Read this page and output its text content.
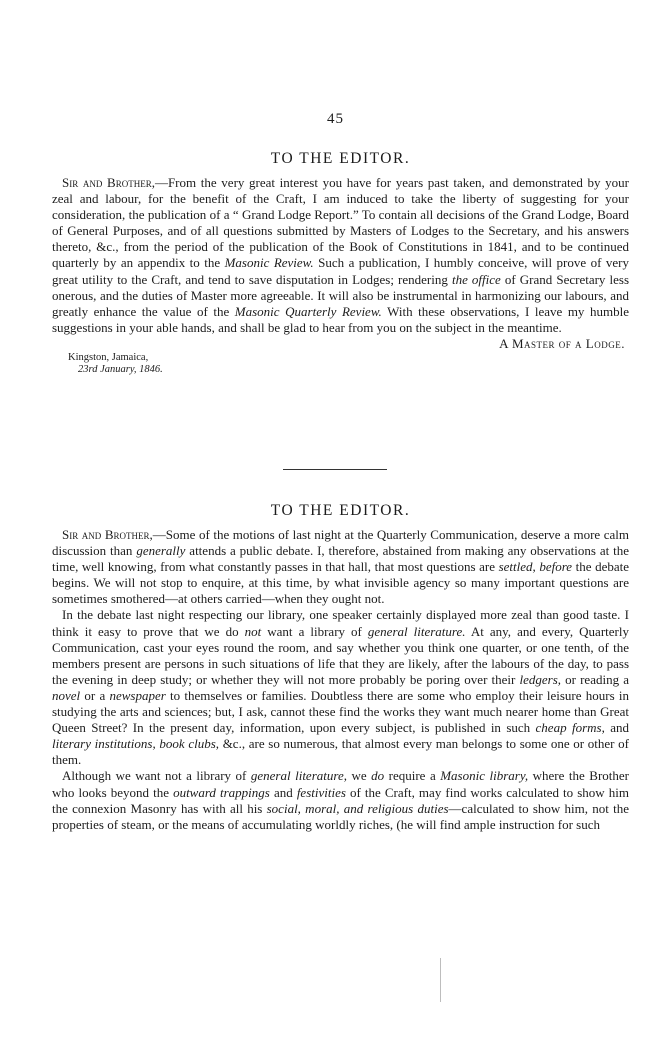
45
TO THE EDITOR.

Sir and Brother,—From the very great interest you have for years past taken, and demonstrated by your zeal and labour, for the benefit of the Craft, I am induced to take the liberty of suggesting for your consideration, the publication of a “ Grand Lodge Report.” To contain all decisions of the Grand Lodge, Board of General Purposes, and of all questions submitted by Masters of Lodges to the Secretary, and his answers thereto, &c., from the period of the publication of the Book of Constitutions in 1841, and to be continued quarterly by an appendix to the Masonic Review. Such a publication, I humbly conceive, will prove of very great utility to the Craft, and tend to save disputation in Lodges; rendering the office of Grand Secretary less onerous, and the duties of Master more agreeable. It will also be instrumental in harmonizing our labours, and greatly enhance the value of the Masonic Quarterly Review. With these observations, I leave my humble suggestions in your able hands, and shall be glad to hear from you on the subject in the meantime.

A Master of a Lodge.
Kingston, Jamaica,
23rd January, 1846.
TO THE EDITOR.

Sir and Brother,—Some of the motions of last night at the Quarterly Communication, deserve a more calm discussion than generally attends a public debate. I, therefore, abstained from making any observations at the time, well knowing, from what constantly passes in that hall, that most questions are settled, before the debate begins. We will not stop to enquire, at this time, by what invisible agency so many important questions are sometimes smothered—at others carried—when they ought not.

In the debate last night respecting our library, one speaker certainly displayed more zeal than good taste. I think it easy to prove that we do not want a library of general literature. At any, and every, Quarterly Communication, cast your eyes round the room, and say whether you think one quarter, or one tenth, of the members present are persons in such situations of life that they are likely, after the labours of the day, to pass the evening in deep study; or whether they will not more probably be poring over their ledgers, or reading a novel or a newspaper to themselves or families. Doubtless there are some who employ their leisure hours in studying the arts and sciences; but, I ask, cannot these find the works they want much nearer home than Great Queen Street? In the present day, information, upon every subject, is published in such cheap forms, and literary institutions, book clubs, &c., are so numerous, that almost every man belongs to some one or other of them.

Although we want not a library of general literature, we do require a Masonic library, where the Brother who looks beyond the outward trappings and festivities of the Craft, may find works calculated to show him the connexion Masonry has with all his social, moral, and religious duties—calculated to show him, not the properties of steam, or the means of accumulating worldly riches, (he will find ample instruction for such
